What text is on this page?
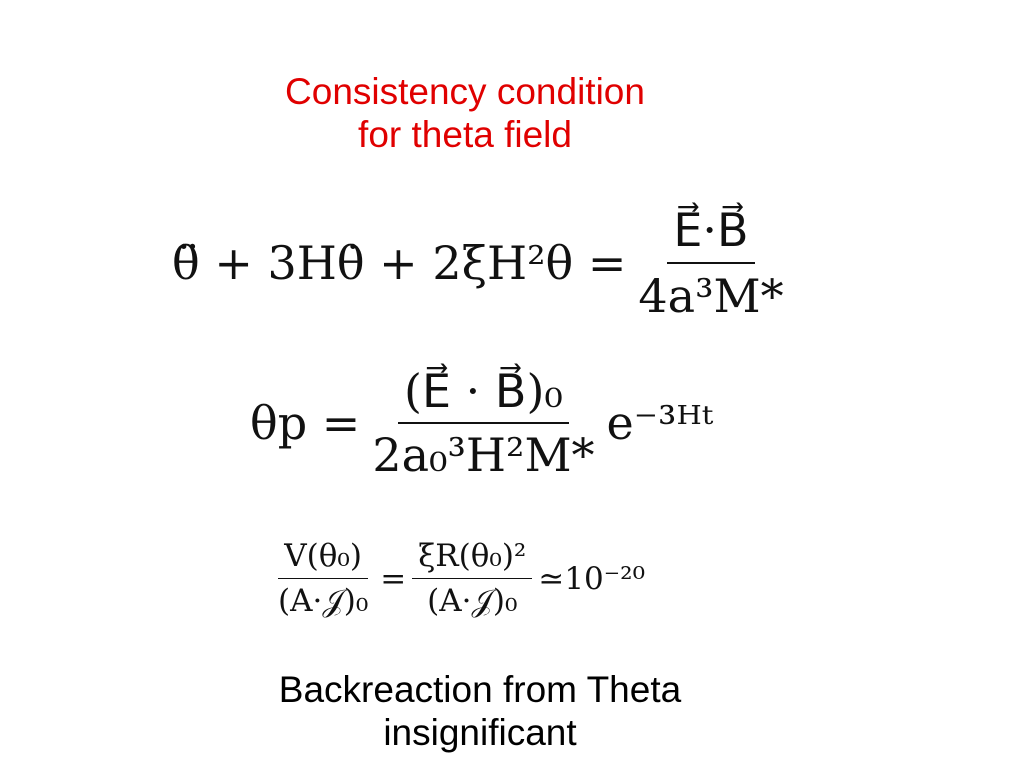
Consistency condition
for theta field
θ̈ + 3Hθ̇ + $2\xi H^2\theta = \frac{E⃗\cdot B⃗}{\text{4a³M*}}$
$\theta p = \frac{\text{(E⃗ · B⃗)₀}}{\text{2a₀³H²M*}}$ e⁻³ᴴᵗ
$\frac{\text{V(θ₀)}}{\text{(A·𝒥)₀}} = \frac{\text{ξR(θ₀)²}}{\text{(A·𝒥)₀}}$ ≃10⁻²⁰
Backreaction from Theta
insignificant
